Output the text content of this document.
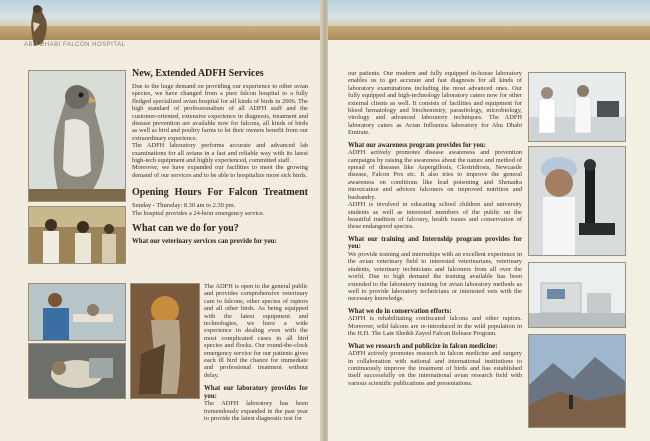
ABU DHABI FALCON HOSPITAL
New, Extended ADFH Services

Due to the huge demand on providing our experience to other avian species, we have changed from a pure falcon hospital to a fully fledged specialized avian hospital for all kinds of birds in 2006. The high standard of professionalism of all ADFH staff and the customer-oriented, extensive experience in diagnosis, treatment and disease prevention are available now for falcons, all kinds of birds as well as bird and poultry farms to let their owners benefit from our extraordinary experience.

The ADFH laboratory performs accurate and advanced lab examinations for all avians in a fast and reliable way with its latest high-tech equipment and highly experienced, committed staff.

Moreover, we have expanded our facilities to meet the growing demand of our services and to be able to hospitalize more sick birds.

Opening Hours For Falcon Treatment

Sunday - Thursday: 8.30 am to 2.30 pm.

The hospital provides a 24-hour emergency service.

What can we do for you?

What our veterinary services can provide for you:

The ADFH is open to the general public and provides comprehensive veterinary care to falcons, other species of raptors and all other birds. As being equipped with the latest equipment and technologies, we have a wide experience in dealing even with the most complicated cases in all bird species and flocks. Our round-the-clock emergency service for our patients gives each ill bird the chance for immediate and professional treatment without delay.

What our laboratory provides for you:

The ADFH laboratory has been tremendously expanded in the past year to provide the latest diagnostic test for

our patients. Our modern and fully equipped in-house laboratory enables us to get accurate and fast diagnosis for all kinds of laboratory examinations including the most advanced ones. Our fully equipped and high-technology laboratory caters now for other external clients as well. It consists of facilities and equipment for blood hematology and biochemistry, parasitology, microbiology, virology and advanced laboratory techniques. The ADFH laboratory caters as Avian Influenza laboratory for Abu Dhabi Emirate.

What our awareness program provides for you:

ADFH actively promotes disease awareness and prevention campaigns by raising the awareness about the nature and method of spread of diseases like Aspergillosis, Clostridiosis, Newcastle disease, Falcon Pox etc. It also tries to improve the general awareness on conditions like lead poisoning and Shenadra intoxication and advices falconers on improved nutrition and husbandry.

ADFH is involved in educating school children and university students as well as interested members of the public on the beautiful tradition of falconry, health issues and conservation of these endangered species.

What our training and Internship program provides for you:

We provide training and internships with an excellent experience in the avian veterinary field to interested veterinarians, veterinary students, veterinary technicians and falconers from all over the world. Due to high demand the training available has been extended to the laboratory training for avian laboratory methods as well to provide laboratory technicians or interested vets with the necessary knowledge.

What we do in conservation efforts:

ADFH is rehabilitating confiscated falcons and other raptors. Moreover, wild falcons are re-introduced in the wild population in the H.H. The Late Sheikh Zayed Falcon Release Program.

What we research and publicize in falcon medicine:

ADFH actively promotes research in falcon medicine and surgery in collaboration with national and international institutions to continuously improve the treatment of birds and has established itself successfully on the international avian research field with various scientific publications and presentations.
